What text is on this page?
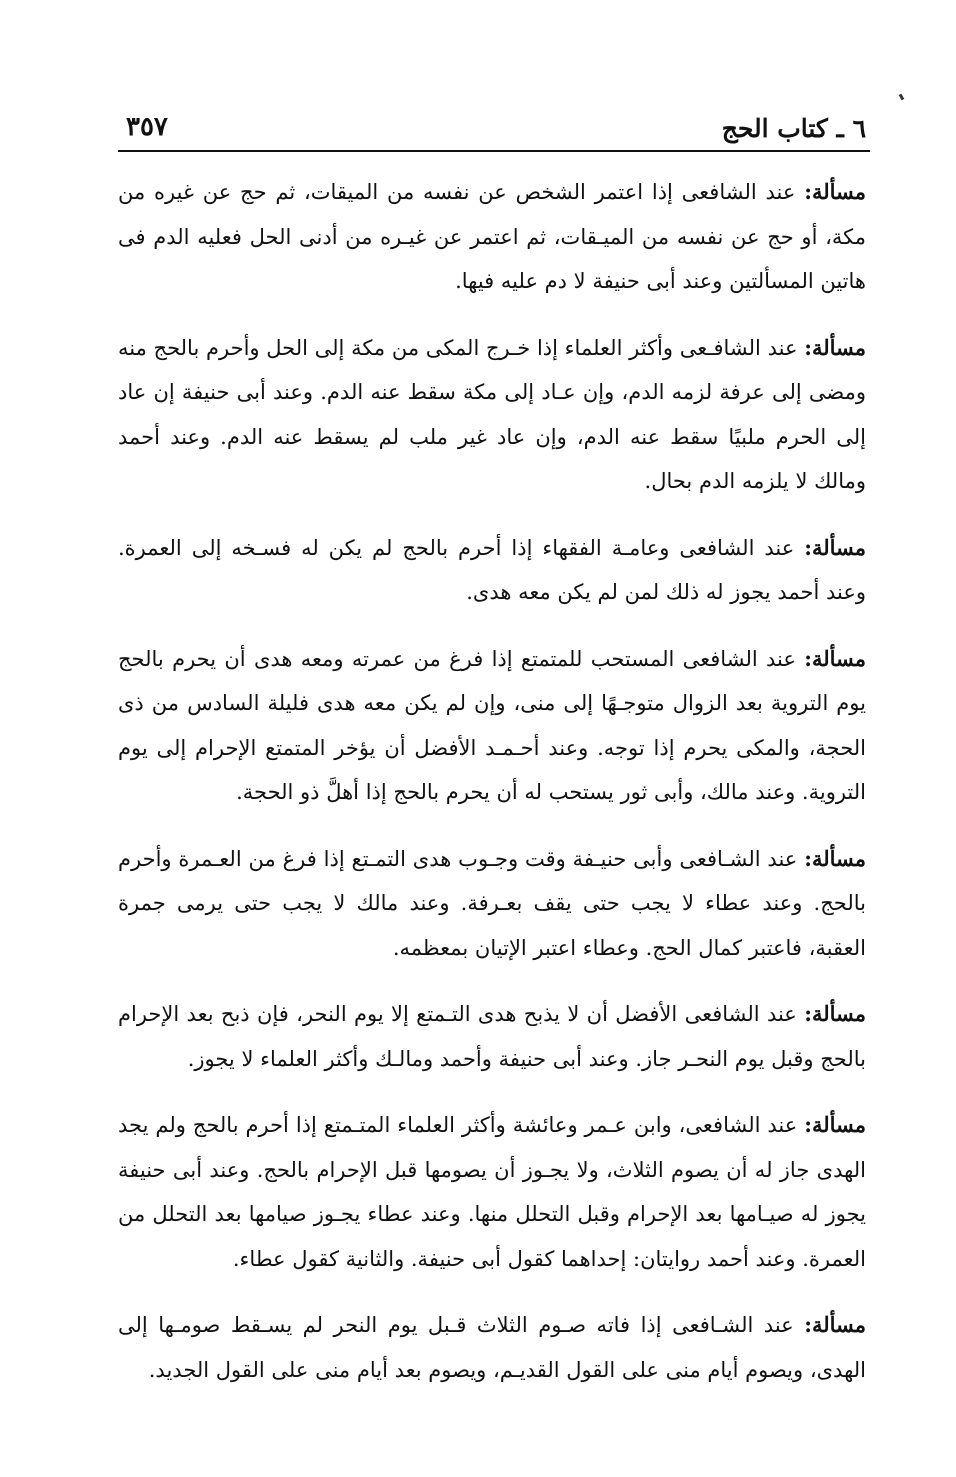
٦ ـ كتاب الحج
٣٥٧

مسألة: عند الشافعى إذا اعتمر الشخص عن نفسه من الميقات، ثم حج عن غيره من مكة، أو حج عن نفسه من الميـقات، ثم اعتمر عن غيـره من أدنى الحل فعليه الدم فى هاتين المسألتين وعند أبى حنيفة لا دم عليه فيها.

مسألة: عند الشافـعى وأكثر العلماء إذا خـرج المكى من مكة إلى الحل وأحرم بالحج منه ومضى إلى عرفة لزمه الدم، وإن عـاد إلى مكة سقط عنه الدم. وعند أبى حنيفة إن عاد إلى الحرم ملبيًا سقط عنه الدم، وإن عاد غير ملب لم يسقط عنه الدم. وعند أحمد ومالك لا يلزمه الدم بحال.

مسألة: عند الشافعى وعامـة الفقهاء إذا أحرم بالحج لم يكن له فسـخه إلى العمرة. وعند أحمد يجوز له ذلك لمن لم يكن معه هدى.

مسألة: عند الشافعى المستحب للمتمتع إذا فرغ من عمرته ومعه هدى أن يحرم بالحج يوم التروية بعد الزوال متوجـهًا إلى منى، وإن لم يكن معه هدى فليلة السادس من ذى الحجة، والمكى يحرم إذا توجه. وعند أحـمـد الأفضل أن يؤخر المتمتع الإحرام إلى يوم التروية. وعند مالك، وأبى ثور يستحب له أن يحرم بالحج إذا أهلَّ ذو الحجة.

مسألة: عند الشـافعى وأبى حنيـفة وقت وجـوب هدى التمـتع إذا فرغ من العـمرة وأحرم بالحج. وعند عطاء لا يجب حتى يقف بعـرفة. وعند مالك لا يجب حتى يرمى جمرة العقبة، فاعتبر كمال الحج. وعطاء اعتبر الإتيان بمعظمه.

مسألة: عند الشافعى الأفضل أن لا يذبح هدى التـمتع إلا يوم النحر، فإن ذبح بعد الإحرام بالحج وقبل يوم النحـر جاز. وعند أبى حنيفة وأحمد ومالـك وأكثر العلماء لا يجوز.

مسألة: عند الشافعى، وابن عـمر وعائشة وأكثر العلماء المتـمتع إذا أحرم بالحج ولم يجد الهدى جاز له أن يصوم الثلاث، ولا يجـوز أن يصومها قبل الإحرام بالحج. وعند أبى حنيفة يجوز له صيـامها بعد الإحرام وقبل التحلل منها. وعند عطاء يجـوز صيامها بعد التحلل من العمرة. وعند أحمد روايتان: إحداهما كقول أبى حنيفة. والثانية كقول عطاء.

مسألة: عند الشـافعى إذا فاته صـوم الثلاث قـبل يوم النحر لم يسـقط صومـها إلى الهدى، ويصوم أيام منى على القول القديـم، ويصوم بعد أيام منى على القول الجديد.
